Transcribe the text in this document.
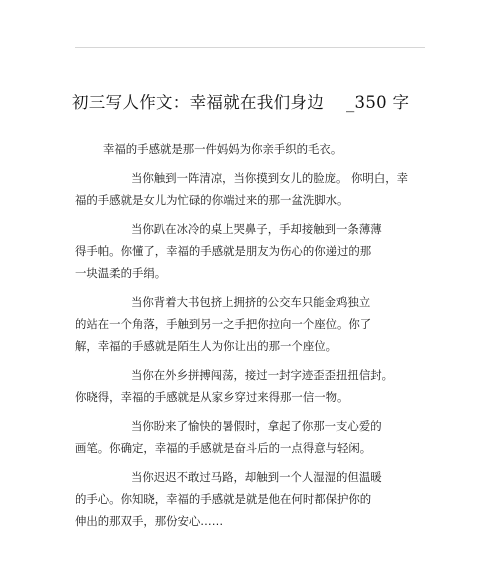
初三写人作文：幸福就在我们身边 _350 字
幸福的手感就是那一件妈妈为你亲手织的毛衣。
当你触到一阵清凉，当你摸到女儿的脸庞。 你明白，幸
福的手感就是女儿为忙碌的你端过来的那一盆洗脚水。
当你趴在冰冷的桌上哭鼻子，手却接触到一条薄薄
得手帕。你懂了，幸福的手感就是朋友为伤心的你递过的那
一块温柔的手绢。
当你背着大书包挤上拥挤的公交车只能金鸡独立
的站在一个角落，手触到另一之手把你拉向一个座位。你了
解，幸福的手感就是陌生人为你让出的那一个座位。
当你在外乡拼搏闯荡，接过一封字迹歪歪扭扭信封。
你晓得，幸福的手感就是从家乡穿过来得那一信一物。
当你盼来了愉快的暑假时，拿起了你那一支心爱的
画笔。你确定，幸福的手感就是奋斗后的一点得意与轻闲。
当你迟迟不敢过马路，却触到一个人湿湿的但温暖
的手心。你知晓，幸福的手感就是就是他在何时都保护你的
伸出的那双手，那份安心……
